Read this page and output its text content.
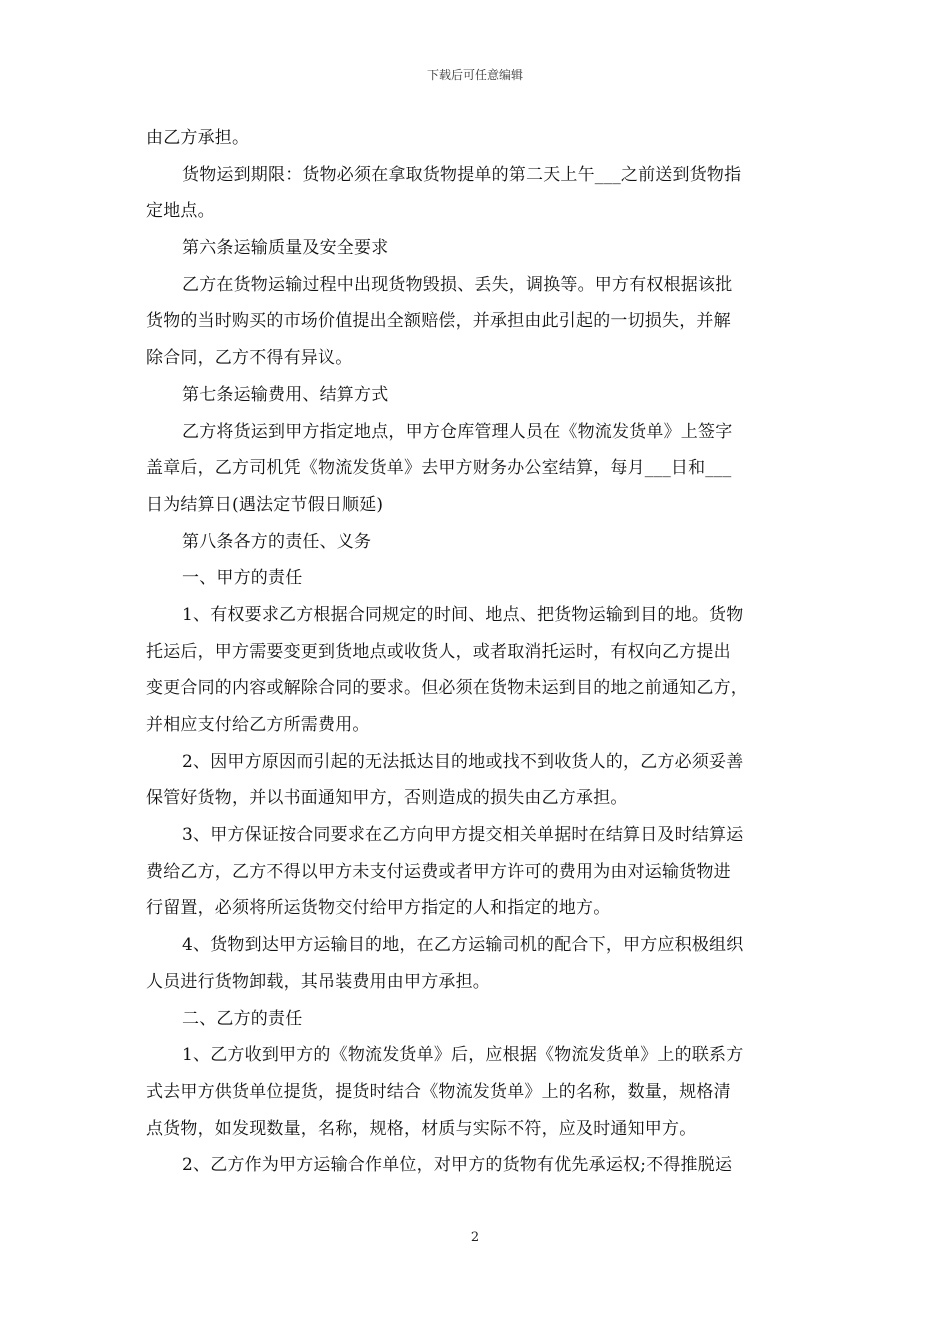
下载后可任意编辑
由乙方承担。
货物运到期限：货物必须在拿取货物提单的第二天上午___之前送到货物指
定地点。
第六条运输质量及安全要求
乙方在货物运输过程中出现货物毁损、丢失，调换等。甲方有权根据该批
货物的当时购买的市场价值提出全额赔偿，并承担由此引起的一切损失，并解
除合同，乙方不得有异议。
第七条运输费用、结算方式
乙方将货运到甲方指定地点，甲方仓库管理人员在《物流发货单》上签字
盖章后，乙方司机凭《物流发货单》去甲方财务办公室结算，每月___日和___
日为结算日(遇法定节假日顺延)
第八条各方的责任、义务
一、甲方的责任
1、有权要求乙方根据合同规定的时间、地点、把货物运输到目的地。货物
托运后，甲方需要变更到货地点或收货人，或者取消托运时，有权向乙方提出
变更合同的内容或解除合同的要求。但必须在货物未运到目的地之前通知乙方，
并相应支付给乙方所需费用。
2、因甲方原因而引起的无法抵达目的地或找不到收货人的，乙方必须妥善
保管好货物，并以书面通知甲方，否则造成的损失由乙方承担。
3、甲方保证按合同要求在乙方向甲方提交相关单据时在结算日及时结算运
费给乙方，乙方不得以甲方未支付运费或者甲方许可的费用为由对运输货物进
行留置，必须将所运货物交付给甲方指定的人和指定的地方。
4、货物到达甲方运输目的地，在乙方运输司机的配合下，甲方应积极组织
人员进行货物卸载，其吊装费用由甲方承担。
二、乙方的责任
1、乙方收到甲方的《物流发货单》后，应根据《物流发货单》上的联系方
式去甲方供货单位提货，提货时结合《物流发货单》上的名称，数量，规格清
点货物，如发现数量，名称，规格，材质与实际不符，应及时通知甲方。
2、乙方作为甲方运输合作单位，对甲方的货物有优先承运权;不得推脱运
2
